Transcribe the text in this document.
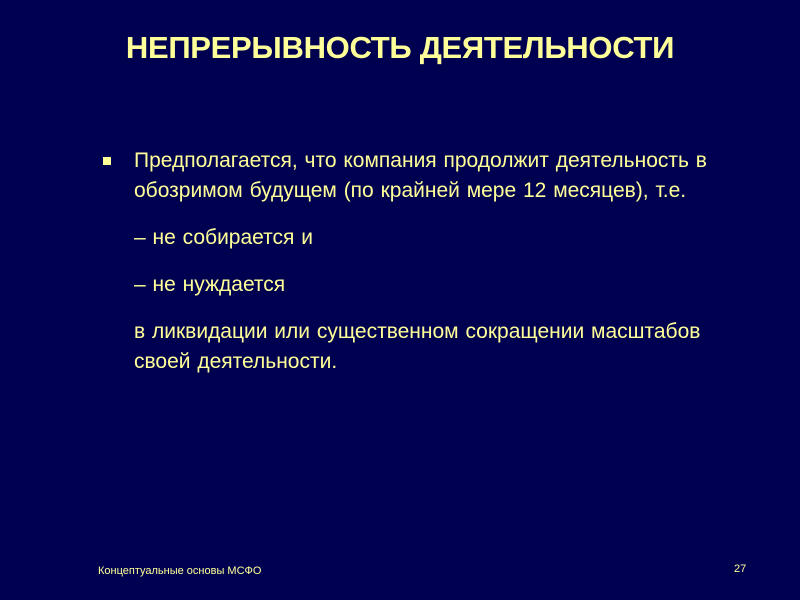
НЕПРЕРЫВНОСТЬ ДЕЯТЕЛЬНОСТИ

Предполагается, что компания продолжит деятельность в обозримом будущем (по крайней мере 12 месяцев), т.е.

– не собирается и

– не нуждается

в ликвидации или существенном сокращении масштабов своей деятельности.

Концептуальные основы МСФО	27
